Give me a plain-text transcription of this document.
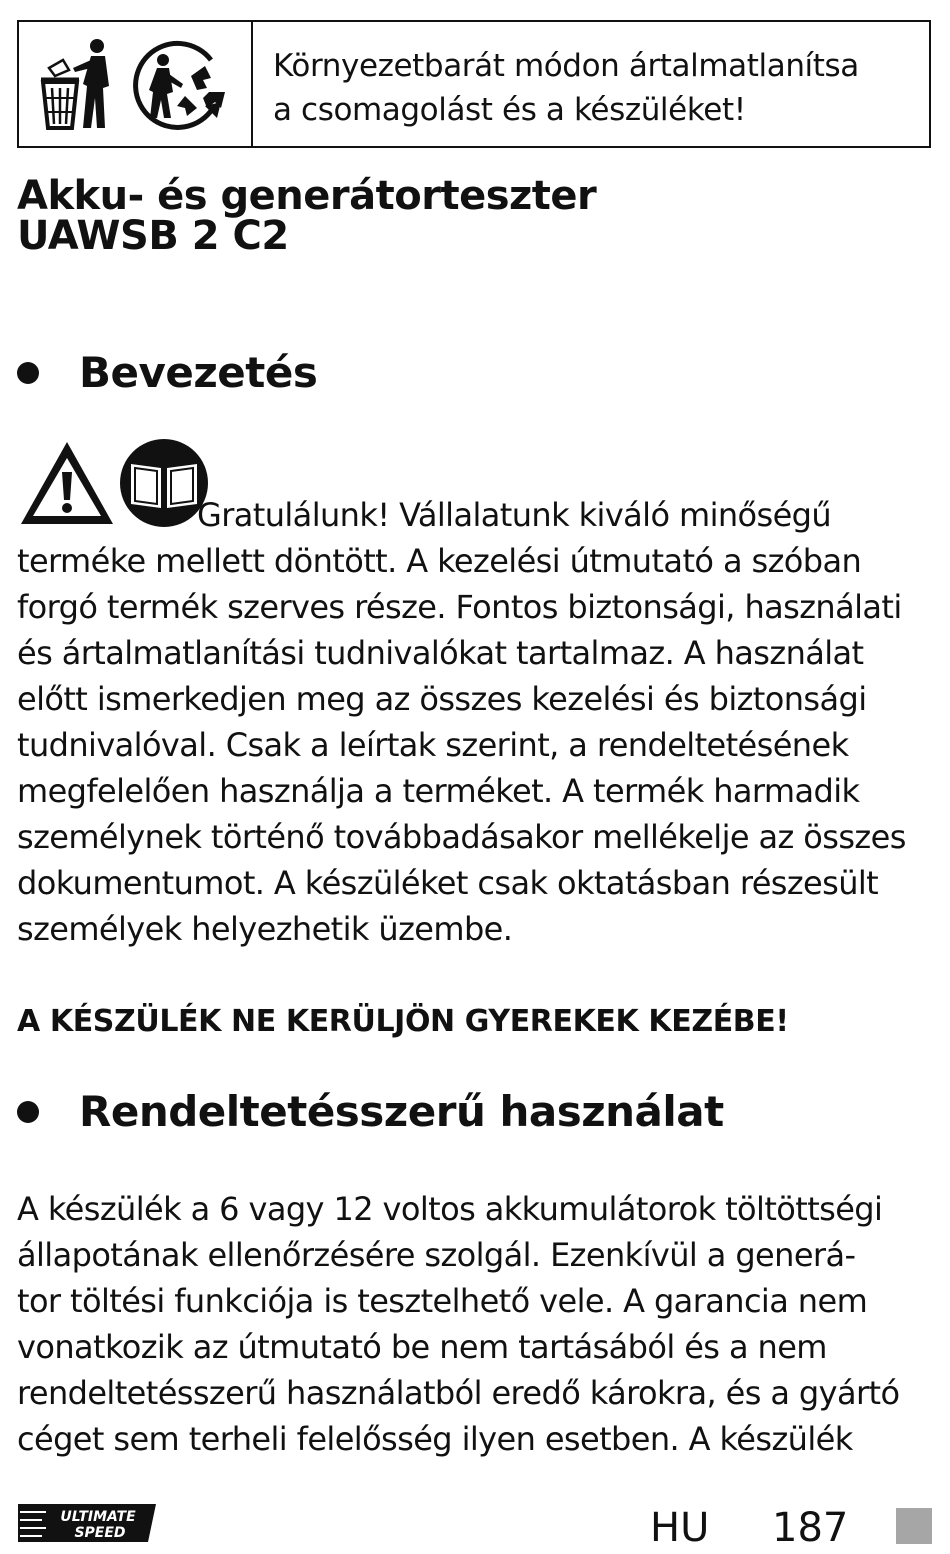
Környezetbarát módon ártalmatlanítsa
a csomagolást és a készüléket!
Akku- és generátorteszter
UAWSB 2 C2
Bevezetés
Gratulálunk! Vállalatunk kiváló minőségű
terméke mellett döntött. A kezelési útmutató a szóban
forgó termék szerves része. Fontos biztonsági, használati
és ártalmatlanítási tudnivalókat tartalmaz. A használat
előtt ismerkedjen meg az összes kezelési és biztonsági
tudnivalóval. Csak a leírtak szerint, a rendeltetésének
megfelelően használja a terméket. A termék harmadik
személynek történő továbbadásakor mellékelje az összes
dokumentumot. A készüléket csak oktatásban részesült
személyek helyezhetik üzembe.

A KÉSZÜLÉK NE KERÜLJÖN GYEREKEK KEZÉBE!

Rendeltetésszerű használat
A készülék a 6 vagy 12 voltos akkumulátorok töltöttségi
állapotának ellenőrzésére szolgál. Ezenkívül a generá-
tor töltési funkciója is tesztelhető vele. A garancia nem
vonatkozik az útmutató be nem tartásából és a nem
rendeltetésszerű használatból eredő károkra, és a gyártó
céget sem terheli felelősség ilyen esetben. A készülék
ULTIMATE
SPEED	HU 187
